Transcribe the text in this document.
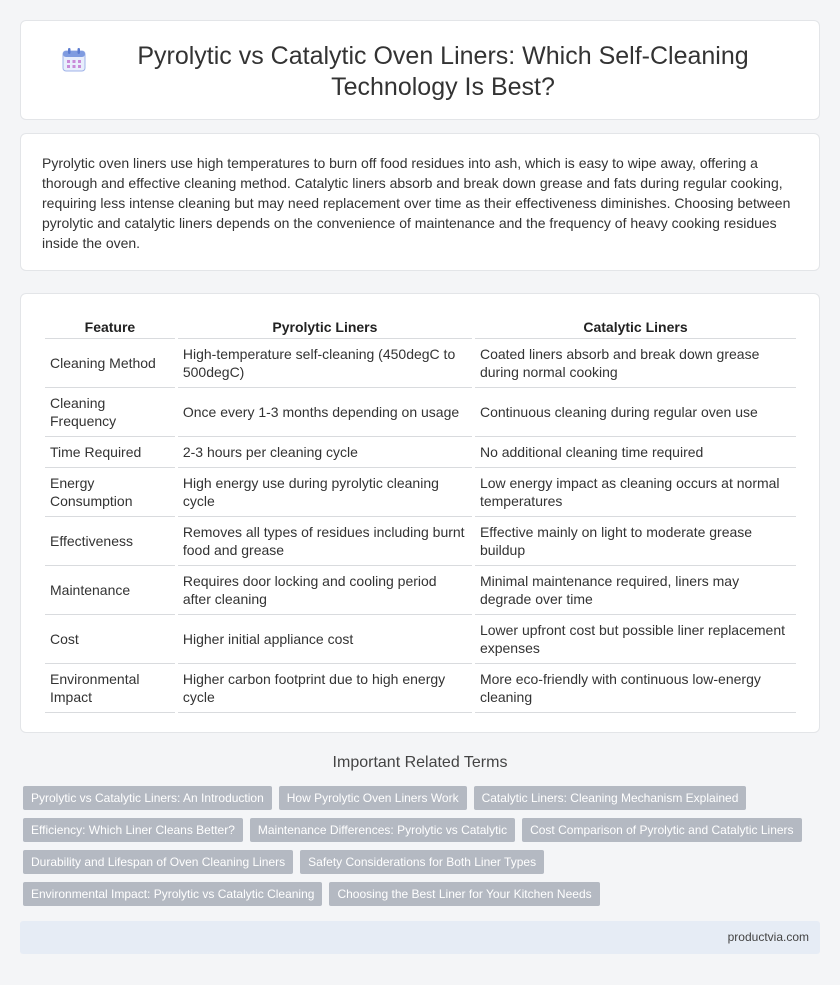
Pyrolytic vs Catalytic Oven Liners: Which Self-Cleaning Technology Is Best?

Pyrolytic oven liners use high temperatures to burn off food residues into ash, which is easy to wipe away, offering a thorough and effective cleaning method. Catalytic liners absorb and break down grease and fats during regular cooking, requiring less intense cleaning but may need replacement over time as their effectiveness diminishes. Choosing between pyrolytic and catalytic liners depends on the convenience of maintenance and the frequency of heavy cooking residues inside the oven.

Feature	Pyrolytic Liners	Catalytic Liners
Cleaning Method	High-temperature self-cleaning (450degC to 500degC)	Coated liners absorb and break down grease during normal cooking
Cleaning Frequency	Once every 1-3 months depending on usage	Continuous cleaning during regular oven use
Time Required	2-3 hours per cleaning cycle	No additional cleaning time required
Energy Consumption	High energy use during pyrolytic cleaning cycle	Low energy impact as cleaning occurs at normal temperatures
Effectiveness	Removes all types of residues including burnt food and grease	Effective mainly on light to moderate grease buildup
Maintenance	Requires door locking and cooling period after cleaning	Minimal maintenance required, liners may degrade over time
Cost	Higher initial appliance cost	Lower upfront cost but possible liner replacement expenses
Environmental Impact	Higher carbon footprint due to high energy cycle	More eco-friendly with continuous low-energy cleaning
Important Related Terms
Pyrolytic vs Catalytic Liners: An Introduction	How Pyrolytic Oven Liners Work	Catalytic Liners: Cleaning Mechanism Explained
Efficiency: Which Liner Cleans Better?	Maintenance Differences: Pyrolytic vs Catalytic	Cost Comparison of Pyrolytic and Catalytic Liners
Durability and Lifespan of Oven Cleaning Liners	Safety Considerations for Both Liner Types
Environmental Impact: Pyrolytic vs Catalytic Cleaning	Choosing the Best Liner for Your Kitchen Needs
productvia.com
